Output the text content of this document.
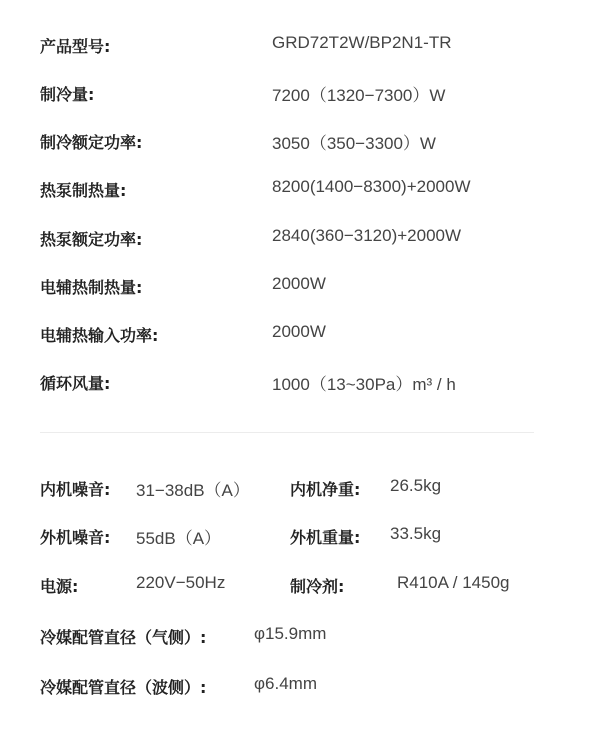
产品型号:	GRD72T2W/BP2N1-TR
制冷量:	7200（1320−7300）W
制冷额定功率:	3050（350−3300）W
热泵制热量:	8200(1400−8300)+2000W
热泵额定功率:	2840(360−3120)+2000W
电辅热制热量:	2000W
电辅热输入功率:	2000W
循环风量:	1000（13~30Pa）m³ / h
内机噪音: 31−38dB（A）	内机净重: 26.5kg
外机噪音: 55dB（A）	外机重量: 33.5kg
电源:	220V−50Hz	制冷剂:	R410A / 1450g
冷媒配管直径（气侧）:	φ15.9mm
冷媒配管直径（波侧）:	φ6.4mm
